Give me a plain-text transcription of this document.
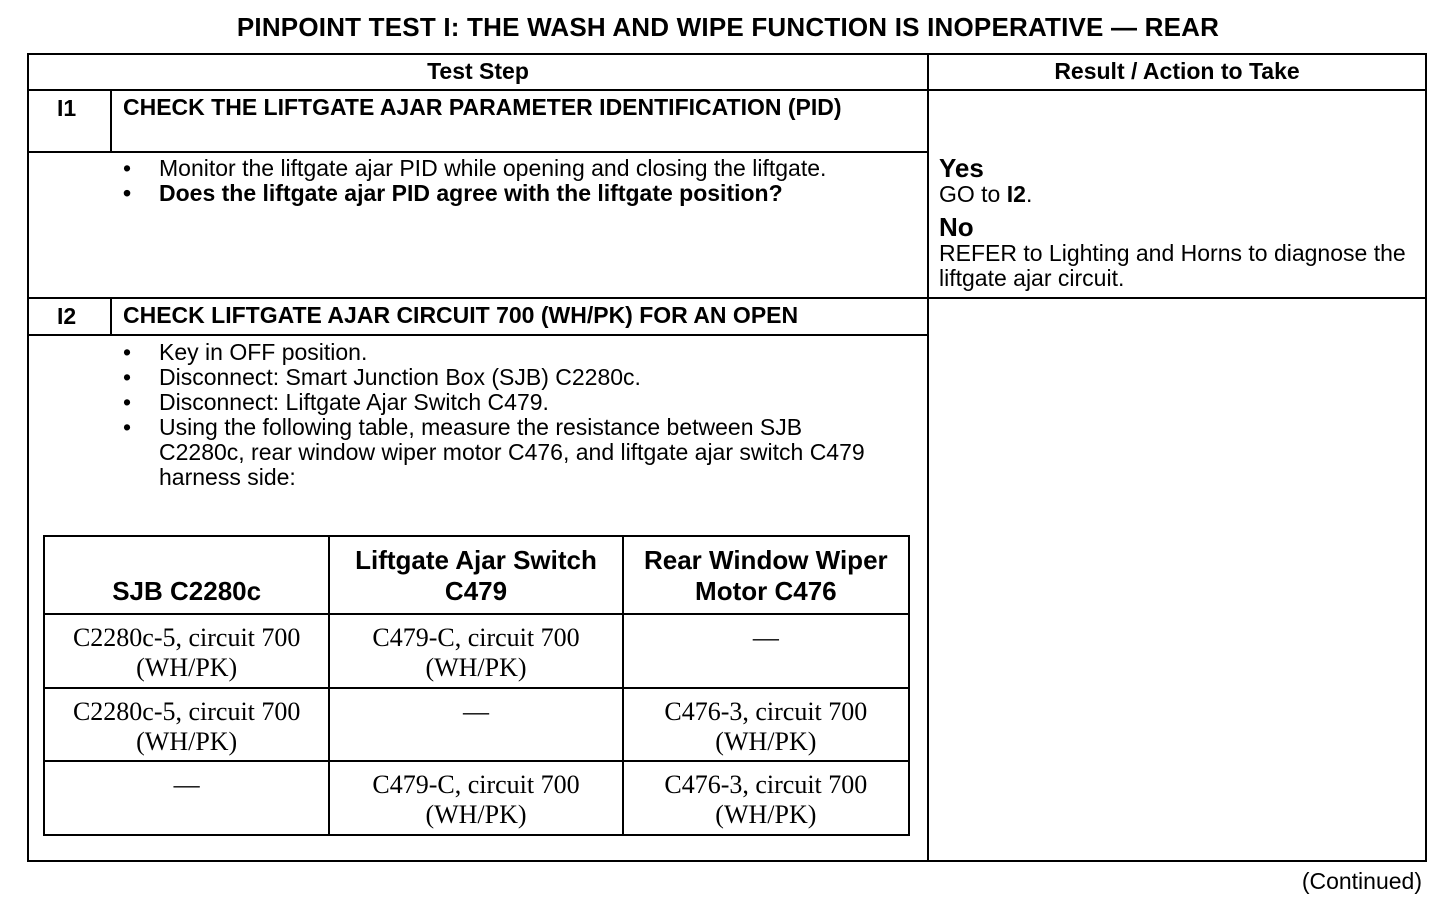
PINPOINT TEST I: THE WASH AND WIPE FUNCTION IS INOPERATIVE — REAR
Test Step	Result / Action to Take
I1 CHECK THE LIFTGATE AJAR PARAMETER IDENTIFICATION (PID)
• Monitor the liftgate ajar PID while opening and closing the liftgate.
• Does the liftgate ajar PID agree with the liftgate position?
Yes
GO to I2.
No
REFER to Lighting and Horns to diagnose the liftgate ajar circuit.
I2 CHECK LIFTGATE AJAR CIRCUIT 700 (WH/PK) FOR AN OPEN
• Key in OFF position.
• Disconnect: Smart Junction Box (SJB) C2280c.
• Disconnect: Liftgate Ajar Switch C479.
• Using the following table, measure the resistance between SJB C2280c, rear window wiper motor C476, and liftgate ajar switch C479 harness side:
SJB C2280c	Liftgate Ajar Switch C479	Rear Window Wiper Motor C476
C2280c-5, circuit 700 (WH/PK)	C479-C, circuit 700 (WH/PK)	—
C2280c-5, circuit 700 (WH/PK)	—	C476-3, circuit 700 (WH/PK)
—	C479-C, circuit 700 (WH/PK)	C476-3, circuit 700 (WH/PK)
(Continued)
